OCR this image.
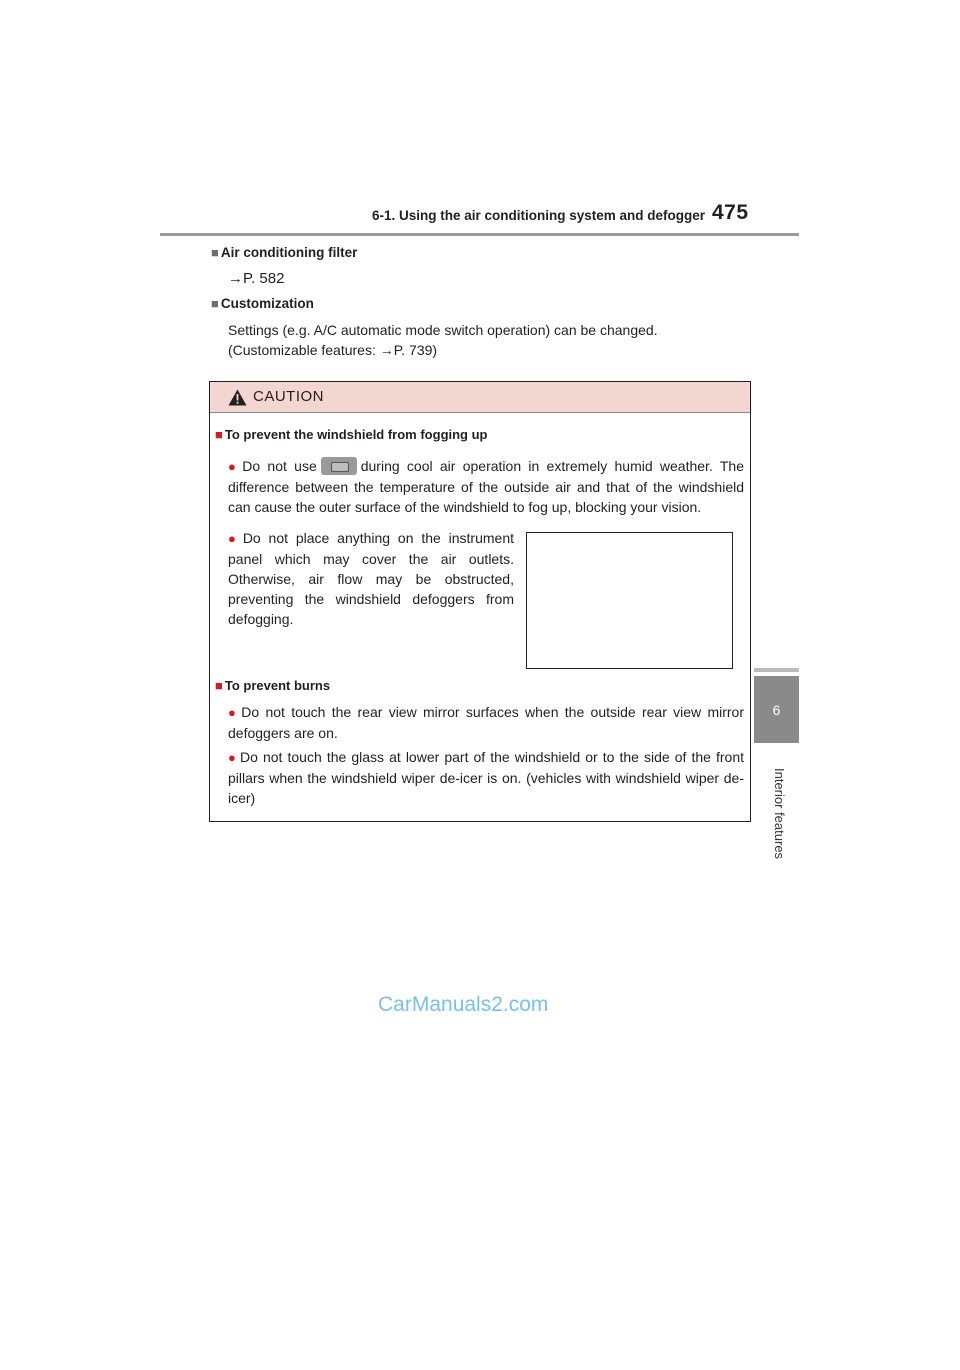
6-1. Using the air conditioning system and defogger 475
6
Interior features
■ Air conditioning filter
→P. 582
■ Customization
Settings (e.g. A/C automatic mode switch operation) can be changed.
(Customizable features: →P. 739)
CAUTION
■ To prevent the windshield from fogging up
● Do not use	during cool air operation in extremely humid weather. The difference between the temperature of the outside air and that of the windshield can cause the outer surface of the windshield to fog up, blocking your vision.
● Do not place anything on the instrument panel which may cover the air outlets. Otherwise, air flow may be obstructed, preventing the windshield defoggers from defogging.
■ To prevent burns
● Do not touch the rear view mirror surfaces when the outside rear view mirror defoggers are on.
● Do not touch the glass at lower part of the windshield or to the side of the front pillars when the windshield wiper de-icer is on. (vehicles with windshield wiper de-icer)
CarManuals2.com
